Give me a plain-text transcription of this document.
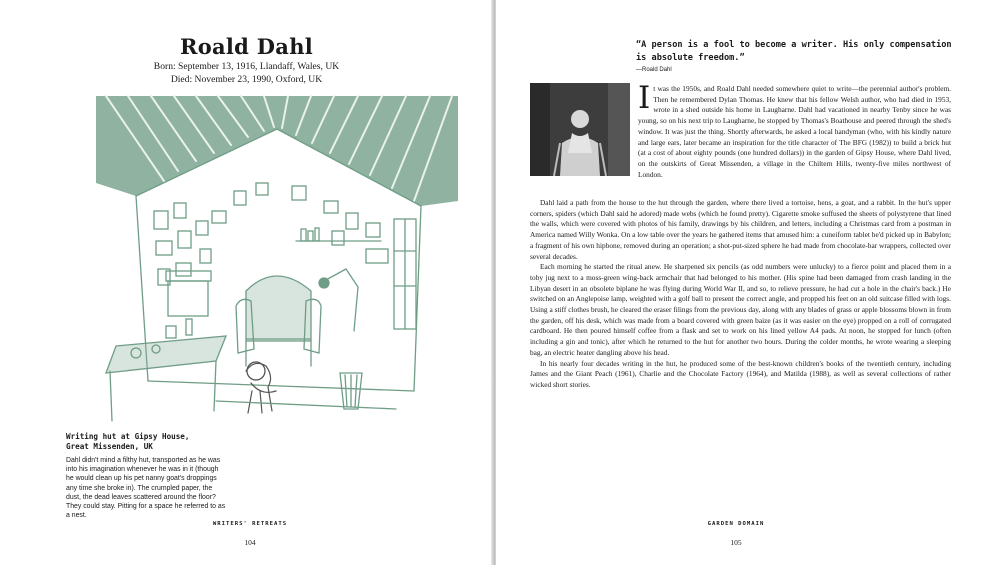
Roald Dahl
Born: September 13, 1916, Llandaff, Wales, UK
Died: November 23, 1990, Oxford, UK
Writing hut at Gipsy House, Great Missenden, UK
Dahl didn't mind a filthy hut, transported as he was into his imagination whenever he was in it (though he would clean up his pet nanny goat's droppings any time she broke in). The crumpled paper, the dust, the dead leaves scattered around the floor? They could stay. Pitting for a space he referred to as a nest.
WRITERS' RETREATS
104
“A person is a fool to become a writer. His only compensation is absolute freedom.”
—Roald Dahl

It was the 1950s, and Roald Dahl needed somewhere quiet to write—the perennial author's problem. Then he remembered Dylan Thomas. He knew that his fellow Welsh author, who had died in 1953, wrote in a shed outside his home in Laugharne. Dahl had vacationed in nearby Tenby since he was young, so on his next trip to Laugharne, he stopped by Thomas's Boathouse and peered through the shed's window. It was just the thing. Shortly afterwards, he asked a local handyman (who, with his kindly nature and large ears, later became an inspiration for the title character of The BFG (1982)) to build a brick hut (at a cost of about eighty pounds (one hundred dollars)) in the garden of Gipsy House, where Dahl lived, on the outskirts of Great Missenden, a village in the Chiltern Hills, twenty-five miles northwest of London.

Dahl laid a path from the house to the hut through the garden, where there lived a tortoise, hens, a goat, and a rabbit. In the hut's upper corners, spiders (which Dahl said he adored) made webs (which he found pretty). Cigarette smoke suffused the sheets of polystyrene that lined the walls, which were covered with photos of his family, drawings by his children, and letters, including a Christmas card from a postman in America named Willy Wonka. On a low table over the years he gathered items that amused him: a cuneiform tablet he'd picked up in Babylon; a fragment of his own hipbone, removed during an operation; a shot-put-sized sphere he had made from chocolate-bar wrappers, collected over several decades.

Each morning he started the ritual anew. He sharpened six pencils (as odd numbers were unlucky) to a fierce point and placed them in a toby jug next to a moss-green wing-back armchair that had belonged to his mother. (His spine had been damaged from crash landing in the Libyan desert in an obsolete biplane he was flying during World War II, and so, to relieve pressure, he had cut a hole in the chair's back.) He switched on an Anglepoise lamp, weighted with a golf ball to present the correct angle, and propped his feet on an old suitcase filled with logs. Using a stiff clothes brush, he cleared the eraser filings from the previous day, along with any blades of grass or apple blossoms blown in from the garden, off his desk, which was made from a board covered with green baize (as it was easier on the eye) propped on a roll of corrugated cardboard. He then poured himself coffee from a flask and set to work on his lined yellow A4 pads. At noon, he stopped for lunch (often including a gin and tonic), after which he returned to the hut for another two hours. During the colder months, he wrote wearing a sleeping bag, an electric heater dangling above his head.

In his nearly four decades writing in the hut, he produced some of the best-known children's books of the twentieth century, including James and the Giant Peach (1961), Charlie and the Chocolate Factory (1964), and Matilda (1988), as well as several collections of rather wicked short stories.

GARDEN DOMAIN
105
